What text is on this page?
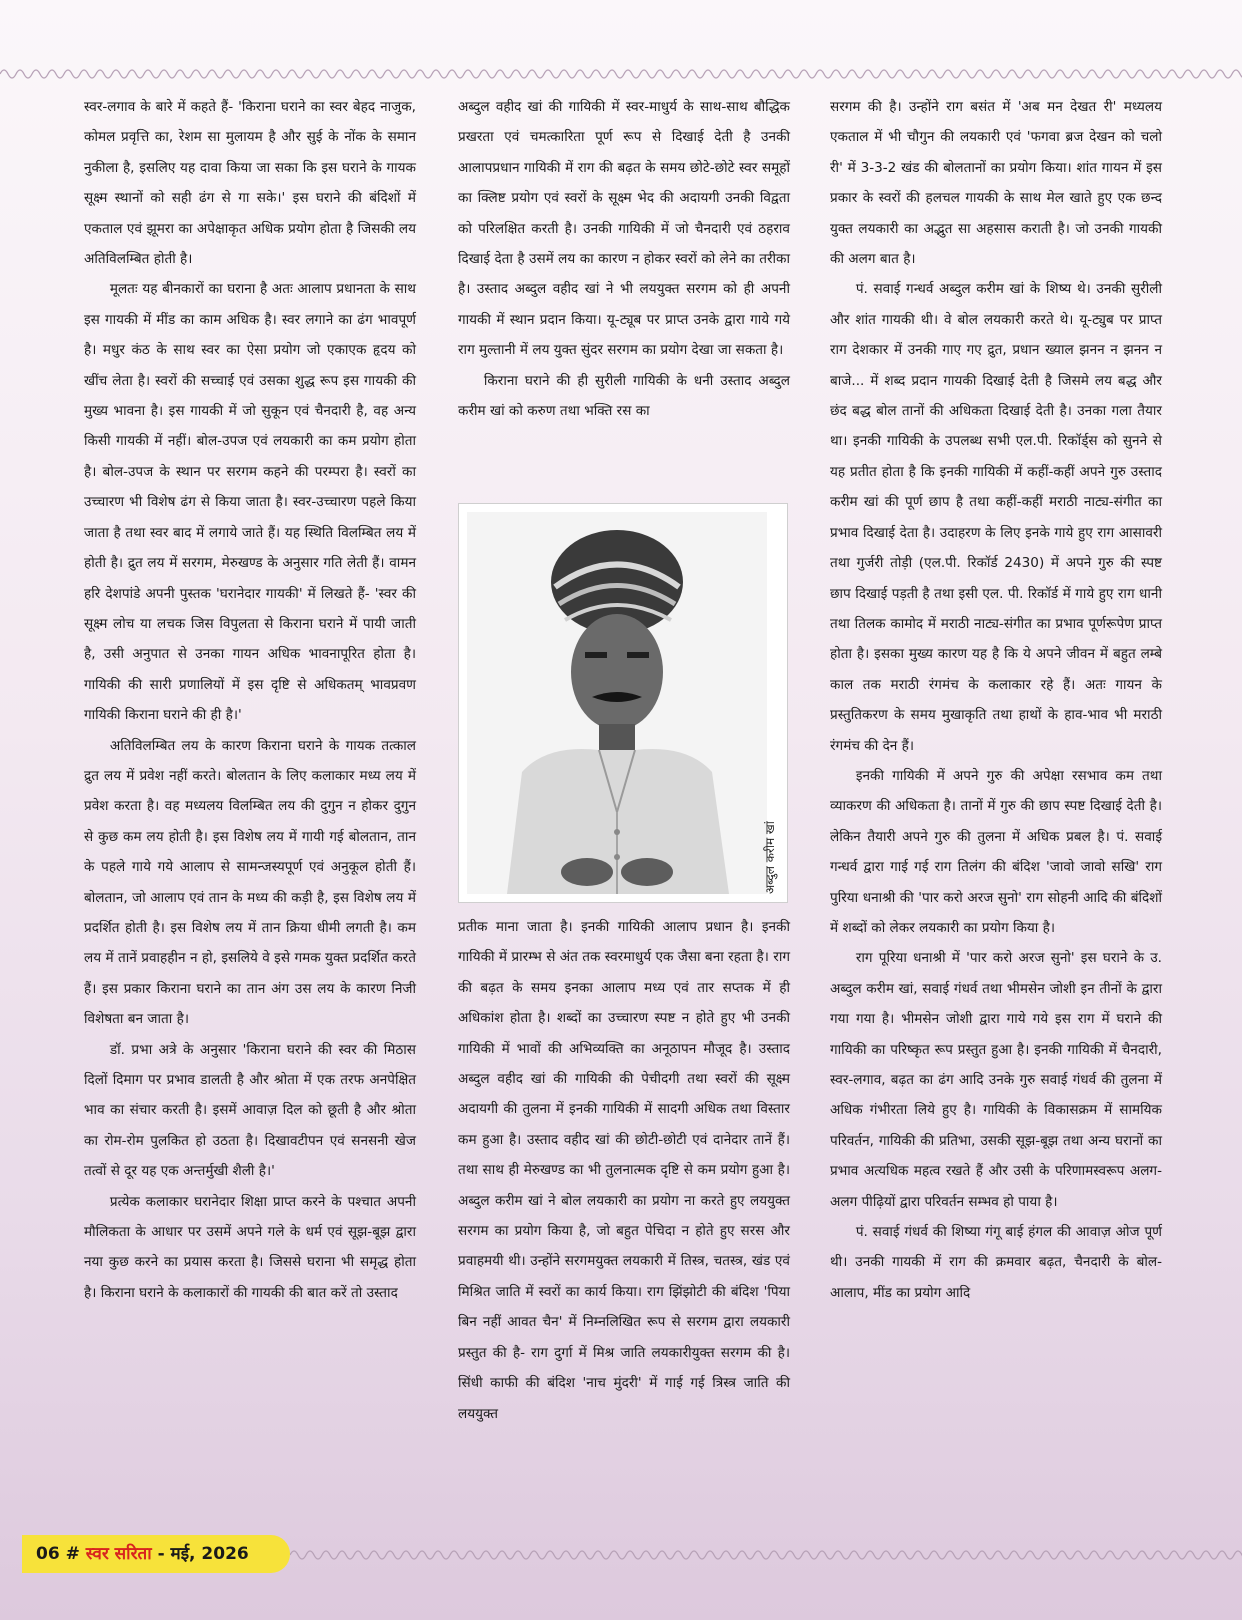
स्वर-लगाव के बारे में कहते हैं- 'किराना घराने का स्वर बेहद नाजुक, कोमल प्रवृत्ति का, रेशम सा मुलायम है और सुई के नोंक के समान नुकीला है, इसलिए यह दावा किया जा सका कि इस घराने के गायक सूक्ष्म स्थानों को सही ढंग से गा सके।' इस घराने की बंदिशों में एकताल एवं झूमरा का अपेक्षाकृत अधिक प्रयोग होता है जिसकी लय अतिविलम्बित होती है।

मूलतः यह बीनकारों का घराना है अतः आलाप प्रधानता के साथ इस गायकी में मींड का काम अधिक है। स्वर लगाने का ढंग भावपूर्ण है। मधुर कंठ के साथ स्वर का ऐसा प्रयोग जो एकाएक हृदय को खींच लेता है। स्वरों की सच्चाई एवं उसका शुद्ध रूप इस गायकी की मुख्य भावना है। इस गायकी में जो सुकून एवं चैनदारी है, वह अन्य किसी गायकी में नहीं। बोल-उपज एवं लयकारी का कम प्रयोग होता है। बोल-उपज के स्थान पर सरगम कहने की परम्परा है। स्वरों का उच्चारण भी विशेष ढंग से किया जाता है। स्वर-उच्चारण पहले किया जाता है तथा स्वर बाद में लगाये जाते हैं। यह स्थिति विलम्बित लय में होती है। द्रुत लय में सरगम, मेरुखण्ड के अनुसार गति लेती हैं। वामन हरि देशपांडे अपनी पुस्तक 'घरानेदार गायकी' में लिखते हैं- 'स्वर की सूक्ष्म लोच या लचक जिस विपुलता से किराना घराने में पायी जाती है, उसी अनुपात से उनका गायन अधिक भावनापूरित होता है। गायिकी की सारी प्रणालियों में इस दृष्टि से अधिकतम् भावप्रवण गायिकी किराना घराने की ही है।'

अतिविलम्बित लय के कारण किराना घराने के गायक तत्काल द्रुत लय में प्रवेश नहीं करते। बोलतान के लिए कलाकार मध्य लय में प्रवेश करता है। वह मध्यलय विलम्बित लय की दुगुन न होकर दुगुन से कुछ कम लय होती है। इस विशेष लय में गायी गई बोलतान, तान के पहले गाये गये आलाप से सामन्जस्यपूर्ण एवं अनुकूल होती हैं। बोलतान, जो आलाप एवं तान के मध्य की कड़ी है, इस विशेष लय में प्रदर्शित होती है। इस विशेष लय में तान क्रिया धीमी लगती है। कम लय में तानें प्रवाहहीन न हो, इसलिये वे इसे गमक युक्त प्रदर्शित करते हैं। इस प्रकार किराना घराने का तान अंग उस लय के कारण निजी विशेषता बन जाता है।

डॉ. प्रभा अत्रे के अनुसार 'किराना घराने की स्वर की मिठास दिलों दिमाग पर प्रभाव डालती है और श्रोता में एक तरफ अनपेक्षित भाव का संचार करती है। इसमें आवाज़ दिल को छूती है और श्रोता का रोम-रोम पुलकित हो उठता है। दिखावटीपन एवं सनसनी खेज तत्वों से दूर यह एक अन्तर्मुखी शैली है।'

प्रत्येक कलाकार घरानेदार शिक्षा प्राप्त करने के पश्चात अपनी मौलिकता के आधार पर उसमें अपने गले के धर्म एवं सूझ-बूझ द्वारा नया कुछ करने का प्रयास करता है। जिससे घराना भी समृद्ध होता है। किराना घराने के कलाकारों की गायकी की बात करें तो उस्ताद

अब्दुल वहीद खां की गायिकी में स्वर-माधुर्य के साथ-साथ बौद्धिक प्रखरता एवं चमत्कारिता पूर्ण रूप से दिखाई देती है उनकी आलापप्रधान गायिकी में राग की बढ़त के समय छोटे-छोटे स्वर समूहों का क्लिष्ट प्रयोग एवं स्वरों के सूक्ष्म भेद की अदायगी उनकी विद्वता को परिलक्षित करती है। उनकी गायिकी में जो चैनदारी एवं ठहराव दिखाई देता है उसमें लय का कारण न होकर स्वरों को लेने का तरीका है। उस्ताद अब्दुल वहीद खां ने भी लययुक्त सरगम को ही अपनी गायकी में स्थान प्रदान किया। यू-ट्यूब पर प्राप्त उनके द्वारा गाये गये राग मुल्तानी में लय युक्त सुंदर सरगम का प्रयोग देखा जा सकता है।

किराना घराने की ही सुरीली गायिकी के धनी उस्ताद अब्दुल करीम खां को करुण तथा भक्ति रस का

अब्दुल करीम खां

प्रतीक माना जाता है। इनकी गायिकी आलाप प्रधान है। इनकी गायिकी में प्रारम्भ से अंत तक स्वरमाधुर्य एक जैसा बना रहता है। राग की बढ़त के समय इनका आलाप मध्य एवं तार सप्तक में ही अधिकांश होता है। शब्दों का उच्चारण स्पष्ट न होते हुए भी उनकी गायिकी में भावों की अभिव्यक्ति का अनूठापन मौजूद है। उस्ताद अब्दुल वहीद खां की गायिकी की पेचीदगी तथा स्वरों की सूक्ष्म अदायगी की तुलना में इनकी गायिकी में सादगी अधिक तथा विस्तार कम हुआ है। उस्ताद वहीद खां की छोटी-छोटी एवं दानेदार तानें हैं। तथा साथ ही मेरुखण्ड का भी तुलनात्मक दृष्टि से कम प्रयोग हुआ है। अब्दुल करीम खां ने बोल लयकारी का प्रयोग ना करते हुए लययुक्त सरगम का प्रयोग किया है, जो बहुत पेचिदा न होते हुए सरस और प्रवाहमयी थी। उन्होंने सरगमयुक्त लयकारी में तिस्त्र, चतस्त्र, खंड एवं मिश्रित जाति में स्वरों का कार्य किया। राग झिंझोटी की बंदिश 'पिया बिन नहीं आवत चैन' में निम्नलिखित रूप से सरगम द्वारा लयकारी प्रस्तुत की है- राग दुर्गा में मिश्र जाति लयकारीयुक्त सरगम की है। सिंधी काफी की बंदिश 'नाच मुंदरी' में गाई गई त्रिस्त्र जाति की लययुक्त

सरगम की है। उन्होंने राग बसंत में 'अब मन देखत री' मध्यलय एकताल में भी चौगुन की लयकारी एवं 'फगवा ब्रज देखन को चलो री' में 3-3-2 खंड की बोलतानों का प्रयोग किया। शांत गायन में इस प्रकार के स्वरों की हलचल गायकी के साथ मेल खाते हुए एक छन्द युक्त लयकारी का अद्भुत सा अहसास कराती है। जो उनकी गायकी की अलग बात है।

पं. सवाई गन्धर्व अब्दुल करीम खां के शिष्य थे। उनकी सुरीली और शांत गायकी थी। वे बोल लयकारी करते थे। यू-ट्युब पर प्राप्त राग देशकार में उनकी गाए गए द्रुत, प्रधान ख्याल झनन न झनन न बाजे... में शब्द प्रदान गायकी दिखाई देती है जिसमे लय बद्ध और छंद बद्ध बोल तानों की अधिकता दिखाई देती है। उनका गला तैयार था। इनकी गायिकी के उपलब्ध सभी एल.पी. रिकॉर्ड्स को सुनने से यह प्रतीत होता है कि इनकी गायिकी में कहीं-कहीं अपने गुरु उस्ताद करीम खां की पूर्ण छाप है तथा कहीं-कहीं मराठी नाट्य-संगीत का प्रभाव दिखाई देता है। उदाहरण के लिए इनके गाये हुए राग आसावरी तथा गुर्जरी तोड़ी (एल.पी. रिकॉर्ड 2430) में अपने गुरु की स्पष्ट छाप दिखाई पड़ती है तथा इसी एल. पी. रिकॉर्ड में गाये हुए राग धानी तथा तिलक कामोद में मराठी नाट्य-संगीत का प्रभाव पूर्णरूपेण प्राप्त होता है। इसका मुख्य कारण यह है कि ये अपने जीवन में बहुत लम्बे काल तक मराठी रंगमंच के कलाकार रहे हैं। अतः गायन के प्रस्तुतिकरण के समय मुखाकृति तथा हाथों के हाव-भाव भी मराठी रंगमंच की देन हैं।

इनकी गायिकी में अपने गुरु की अपेक्षा रसभाव कम तथा व्याकरण की अधिकता है। तानों में गुरु की छाप स्पष्ट दिखाई देती है। लेकिन तैयारी अपने गुरु की तुलना में अधिक प्रबल है। पं. सवाई गन्धर्व द्वारा गाई गई राग तिलंग की बंदिश 'जावो जावो सखि' राग पुरिया धनाश्री की 'पार करो अरज सुनो' राग सोहनी आदि की बंदिशों में शब्दों को लेकर लयकारी का प्रयोग किया है।

राग पूरिया धनाश्री में 'पार करो अरज सुनो' इस घराने के उ. अब्दुल करीम खां, सवाई गंधर्व तथा भीमसेन जोशी इन तीनों के द्वारा गया गया है। भीमसेन जोशी द्वारा गाये गये इस राग में घराने की गायिकी का परिष्कृत रूप प्रस्तुत हुआ है। इनकी गायिकी में चैनदारी, स्वर-लगाव, बढ़त का ढंग आदि उनके गुरु सवाई गंधर्व की तुलना में अधिक गंभीरता लिये हुए है। गायिकी के विकासक्रम में सामयिक परिवर्तन, गायिकी की प्रतिभा, उसकी सूझ-बूझ तथा अन्य घरानों का प्रभाव अत्यधिक महत्व रखते हैं और उसी के परिणामस्वरूप अलग-अलग पीढ़ियों द्वारा परिवर्तन सम्भव हो पाया है।

पं. सवाई गंधर्व की शिष्या गंगू बाई हंगल की आवाज़ ओज पूर्ण थी। उनकी गायकी में राग की क्रमवार बढ़त, चैनदारी के बोल-आलाप, मींड का प्रयोग आदि

06 # स्वर सरिता - मई, 2026
